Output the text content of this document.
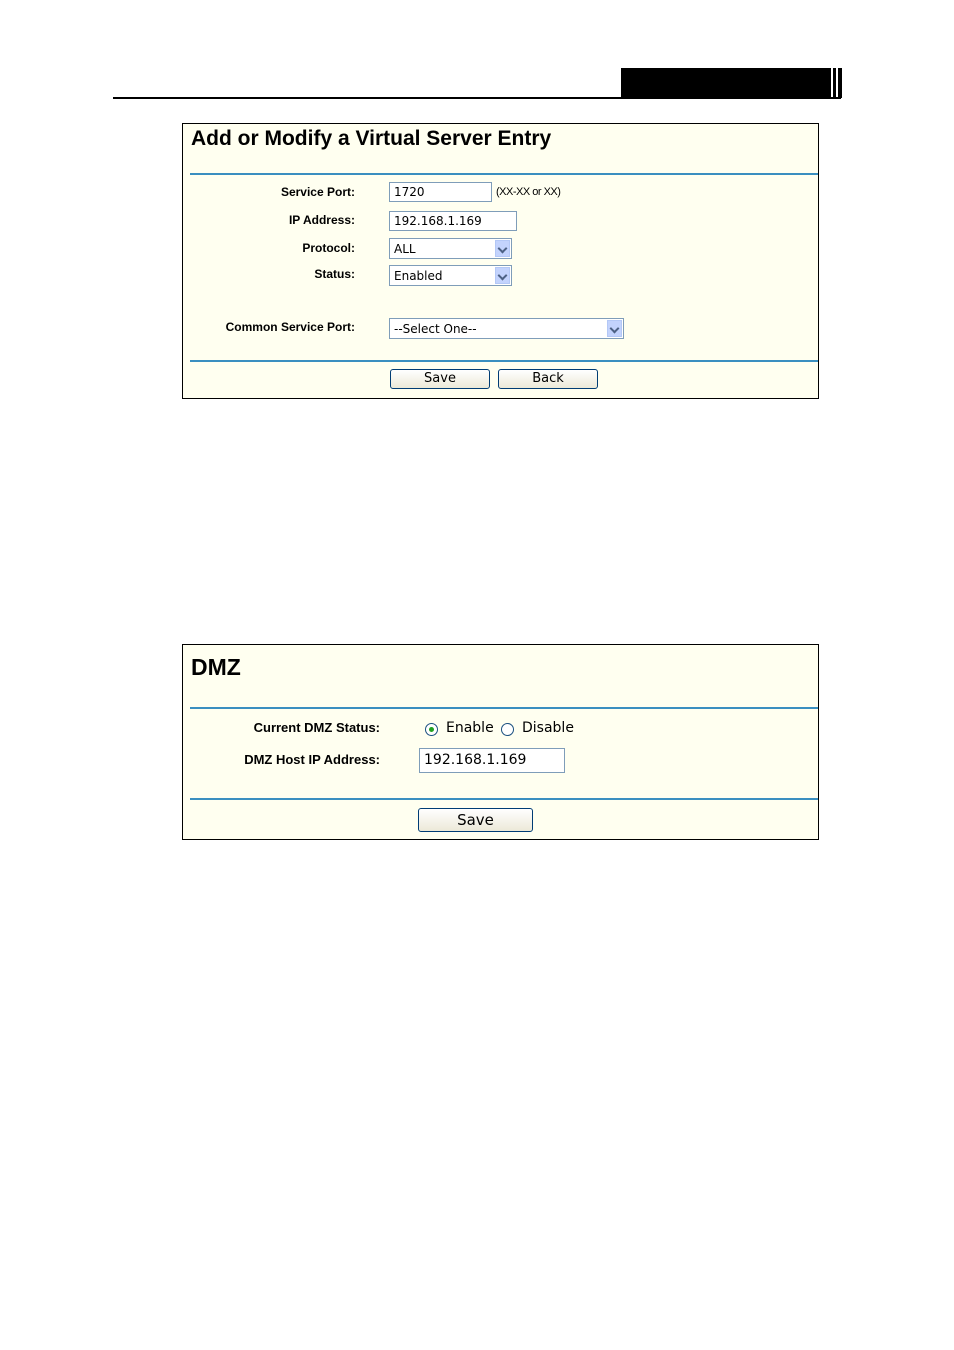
Add or Modify a Virtual Server Entry
Service Port:	1720	(XX-XX or XX)
IP Address:	192.168.1.169
Protocol:	ALL
Status:	Enabled
Common Service Port:	--Select One--
Save	Back
DMZ
Current DMZ Status:	Enable Disable
DMZ Host IP Address:	192.168.1.169
Save
